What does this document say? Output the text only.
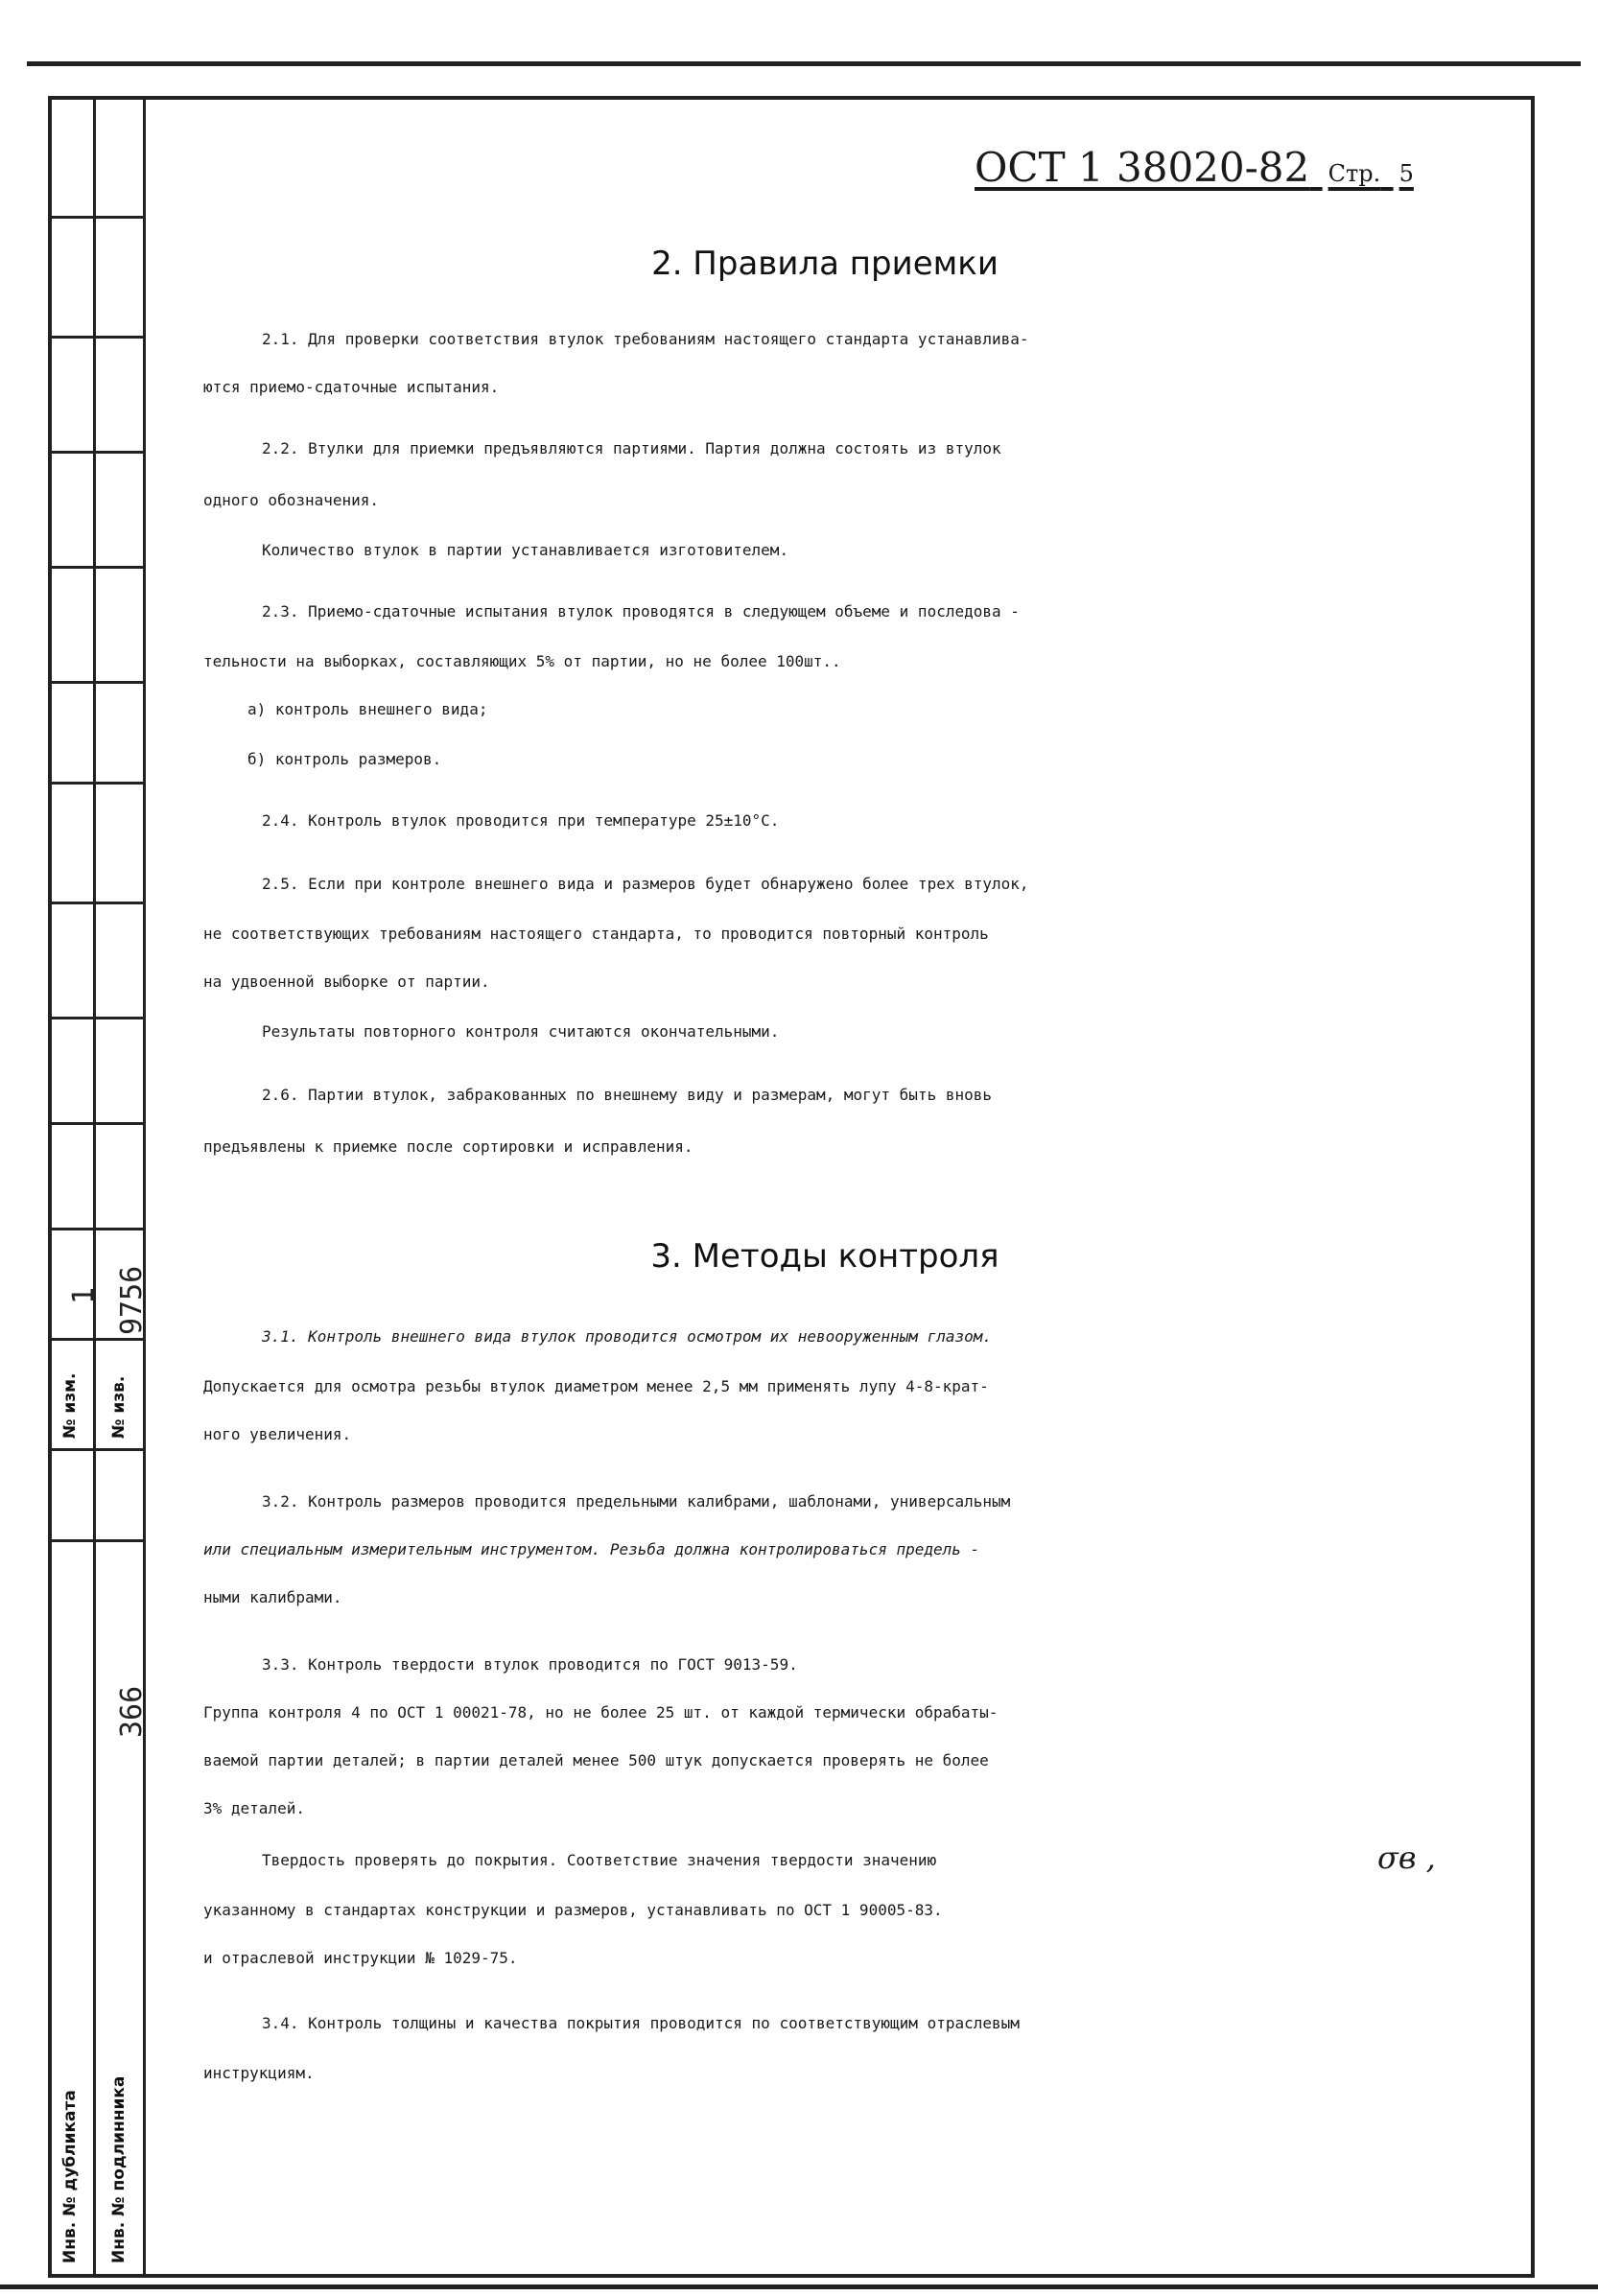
1 9756
№ изм. № изв.
366
Инв. № дубликата Инв. № подлинника
ОСТ 1 38020-82 Стр. 5
2. Правила приемки
2.1. Для проверки соответствия втулок требованиям настоящего стандарта устанавлива-
ются приемо-сдаточные испытания.
2.2. Втулки для приемки предъявляются партиями. Партия должна состоять из втулок
одного обозначения.
Количество втулок в партии устанавливается изготовителем.
2.3. Приемо-сдаточные испытания втулок проводятся в следующем объеме и последова -
тельности на выборках, составляющих 5% от партии, но не более 100шт..
а) контроль внешнего вида;
б) контроль размеров.
2.4. Контроль втулок проводится при температуре 25±10°С.
2.5. Если при контроле внешнего вида и размеров будет обнаружено более трех втулок,
не соответствующих требованиям настоящего стандарта, то проводится повторный контроль
на удвоенной выборке от партии.
Результаты повторного контроля считаются окончательными.
2.6. Партии втулок, забракованных по внешнему виду и размерам, могут быть вновь
предъявлены к приемке после сортировки и исправления.
3. Методы контроля
3.1. Контроль внешнего вида втулок проводится осмотром их невооруженным глазом.
Допускается для осмотра резьбы втулок диаметром менее 2,5 мм применять лупу 4-8-крат-
ного увеличения.
3.2. Контроль размеров проводится предельными калибрами, шаблонами, универсальным
или специальным измерительным инструментом. Резьба должна контролироваться предель -
ными калибрами.
3.3. Контроль твердости втулок проводится по ГОСТ 9013-59.
Группа контроля 4 по ОСТ 1 00021-78, но не более 25 шт. от каждой термически обрабаты-
ваемой партии деталей; в партии деталей менее 500 штук допускается проверять не более
3% деталей.
Твердость проверять до покрытия. Соответствие значения твердости значению	σв ,
указанному в стандартах конструкции и размеров, устанавливать по ОСТ 1 90005-83.
и отраслевой инструкции № 1029-75.
3.4. Контроль толщины и качества покрытия проводится по соответствующим отраслевым
инструкциям.
